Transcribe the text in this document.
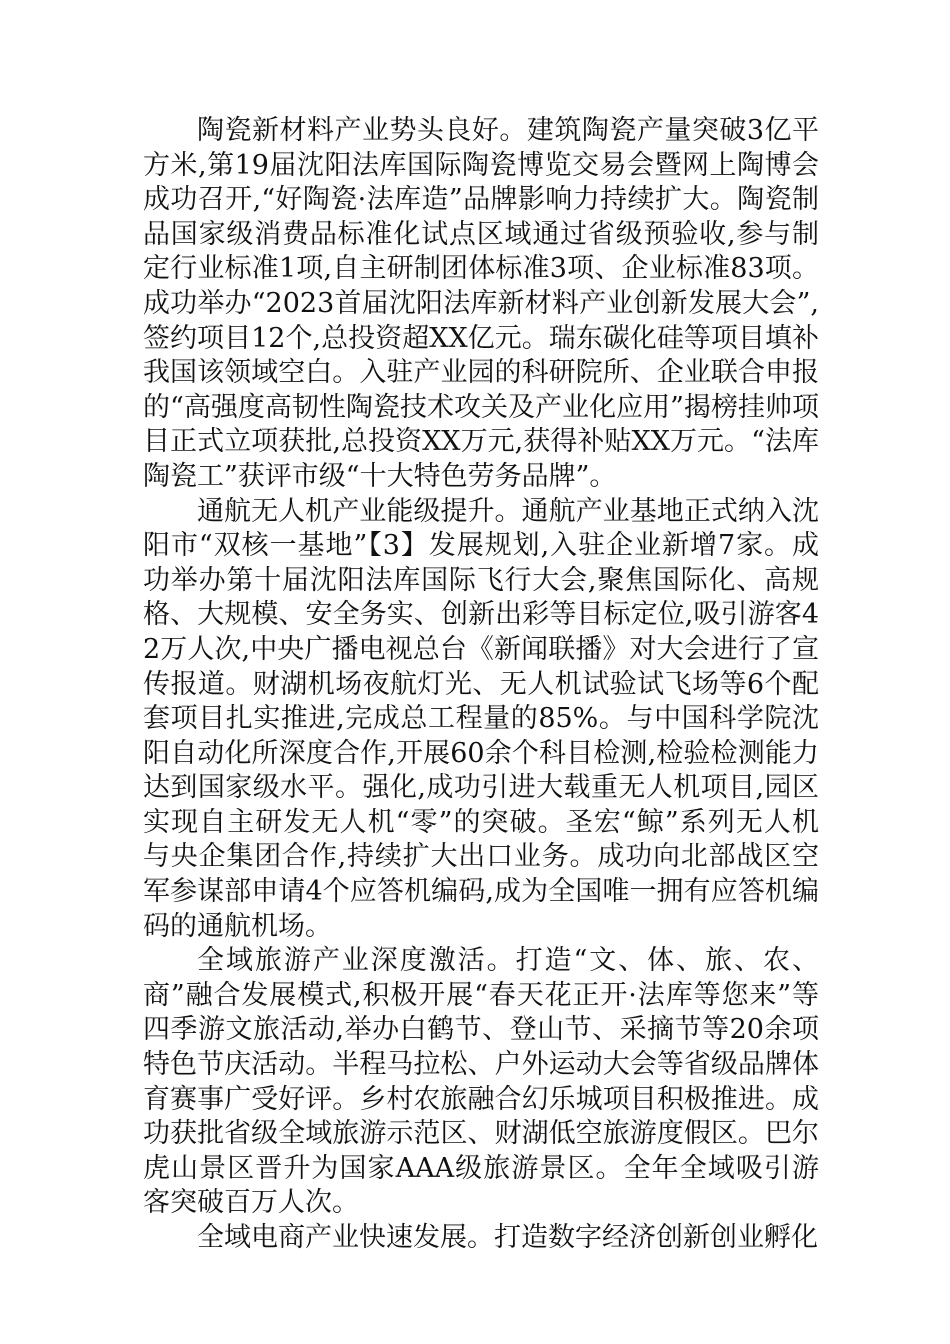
陶瓷新材料产业势头良好。建筑陶瓷产量突破3亿平方米,第19届沈阳法库国际陶瓷博览交易会暨网上陶博会成功召开,“好陶瓷·法库造”品牌影响力持续扩大。陶瓷制品国家级消费品标准化试点区域通过省级预验收,参与制定行业标准1项,自主研制团体标准3项、企业标准83项。成功举办“2023首届沈阳法库新材料产业创新发展大会”,签约项目12个,总投资超XX亿元。瑞东碳化硅等项目填补我国该领域空白。入驻产业园的科研院所、企业联合申报的“高强度高韧性陶瓷技术攻关及产业化应用”揭榜挂帅项目正式立项获批,总投资XX万元,获得补贴XX万元。“法库陶瓷工”获评市级“十大特色劳务品牌”。

通航无人机产业能级提升。通航产业基地正式纳入沈阳市“双核一基地”【3】发展规划,入驻企业新增7家。成功举办第十届沈阳法库国际飞行大会,聚焦国际化、高规格、大规模、安全务实、创新出彩等目标定位,吸引游客42万人次,中央广播电视总台《新闻联播》对大会进行了宣传报道。财湖机场夜航灯光、无人机试验试飞场等6个配套项目扎实推进,完成总工程量的85%。与中国科学院沈阳自动化所深度合作,开展60余个科目检测,检验检测能力达到国家级水平。强化,成功引进大载重无人机项目,园区实现自主研发无人机“零”的突破。圣宏“鲸”系列无人机与央企集团合作,持续扩大出口业务。成功向北部战区空军参谋部申请4个应答机编码,成为全国唯一拥有应答机编码的通航机场。

全域旅游产业深度激活。打造“文、体、旅、农、商”融合发展模式,积极开展“春天花正开·法库等您来”等四季游文旅活动,举办白鹤节、登山节、采摘节等20余项特色节庆活动。半程马拉松、户外运动大会等省级品牌体育赛事广受好评。乡村农旅融合幻乐城项目积极推进。成功获批省级全域旅游示范区、财湖低空旅游度假区。巴尔虎山景区晋升为国家AAA级旅游景区。全年全域吸引游客突破百万人次。

全域电商产业快速发展。打造数字经济创新创业孵化
